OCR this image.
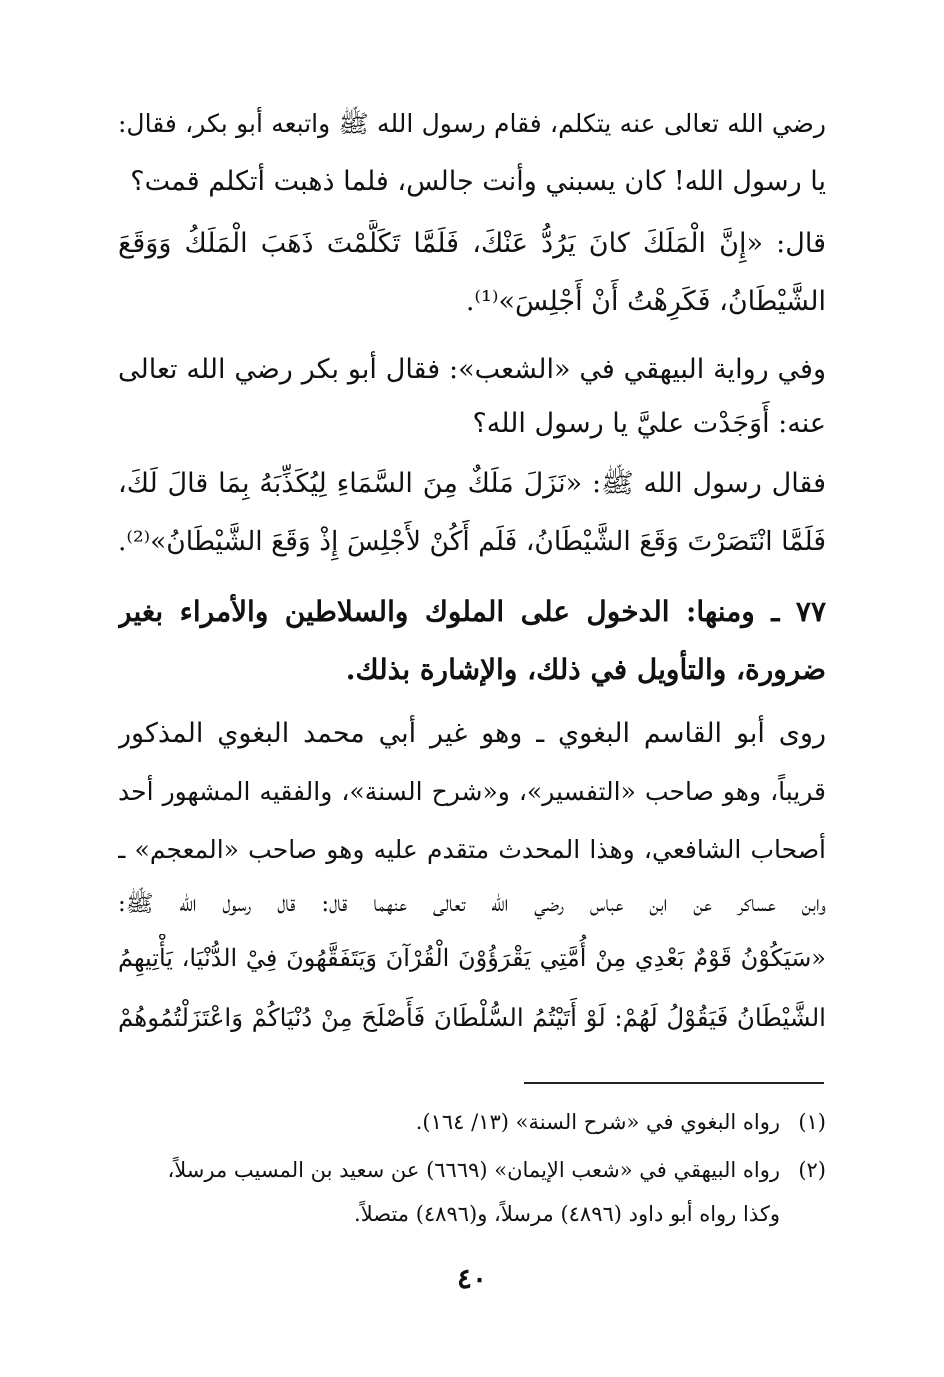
رضي الله تعالى عنه يتكلم، فقام رسول الله ﷺ واتبعه أبو بكر، فقال:
يا رسول الله! كان يسبني وأنت جالس، فلما ذهبت أتكلم قمت؟
قال: «إِنَّ الْمَلَكَ كانَ يَرُدُّ عَنْكَ، فَلَمَّا تَكَلَّمْتَ ذَهَبَ الْمَلَكُ وَوَقَعَ
الشَّيْطَانُ، فَكَرِهْتُ أَنْ أَجْلِسَ»⁽¹⁾.
وفي رواية البيهقي في «الشعب»: فقال أبو بكر رضي الله تعالى
عنه: أَوَجَدْت عليَّ يا رسول الله؟
فقال رسول الله ﷺ: «نَزَلَ مَلَكٌ مِنَ السَّمَاءِ لِيُكَذِّبَهُ بِمَا قالَ لَكَ،
فَلَمَّا انْتَصَرْتَ وَقَعَ الشَّيْطَانُ، فَلَم أَكُنْ لأَجْلِسَ إِذْ وَقَعَ الشَّيْطَانُ»⁽²⁾.
٧٧ ـ ومنها: الدخول على الملوك والسلاطين والأمراء بغير
ضرورة، والتأويل في ذلك، والإشارة بذلك.
روى أبو القاسم البغوي ـ وهو غير أبي محمد البغوي المذكور
قريباً، وهو صاحب «التفسير»، و«شرح السنة»، والفقيه المشهور أحد
أصحاب الشافعي، وهذا المحدث متقدم عليه وهو صاحب «المعجم» ـ
وابن عساكر عن ابن عباس رضي الله تعالى عنهما قال: قال رسول الله ﷺ:
«سَيَكُوْنُ قَوْمٌ بَعْدِي مِنْ أُمَّتِي يَقْرَؤُوْنَ الْقُرْآنَ وَيَتَفَقَّهُونَ فِيْ الدُّنْيَا، يَأْتِيهِمُ
الشَّيْطَانُ فَيَقُوْلُ لَهُمْ: لَوْ أَتَيْتُمُ السُّلْطَانَ فَأَصْلَحَ مِنْ دُنْيَاكُمْ وَاعْتَزَلْتُمُوهُمْ
(١)رواه البغوي في «شرح السنة» (١٣/ ١٦٤).
(٢)رواه البيهقي في «شعب الإيمان» (٦٦٦٩) عن سعيد بن المسيب مرسلاً،
وكذا رواه أبو داود (٤٨٩٦) مرسلاً، و(٤٨٩٦) متصلاً.
٤٠
